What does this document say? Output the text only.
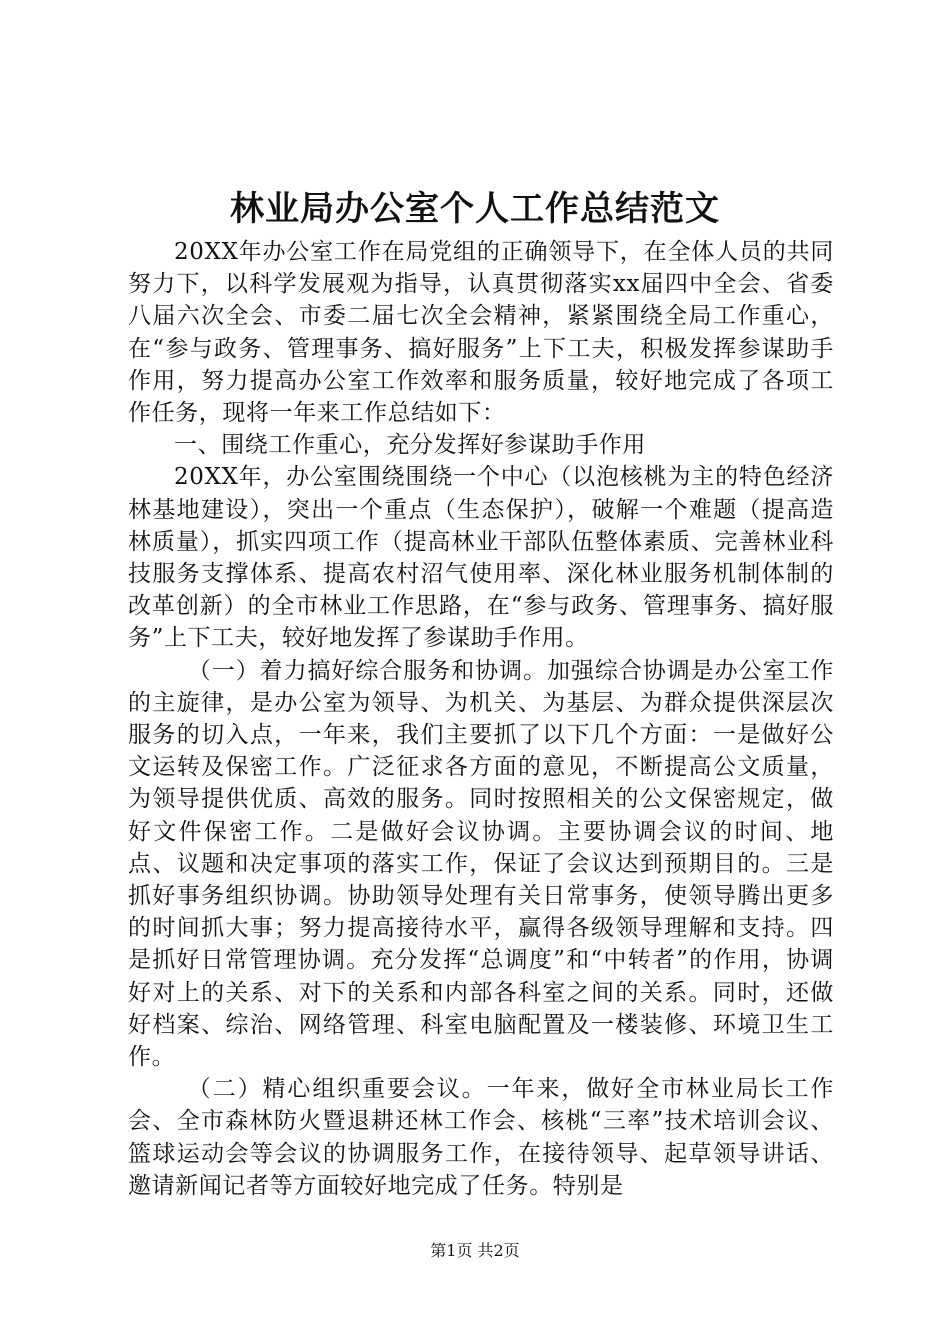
林业局办公室个人工作总结范文

20XX年办公室工作在局党组的正确领导下，在全体人员的共同努力下，以科学发展观为指导，认真贯彻落实xx届四中全会、省委八届六次全会、市委二届七次全会精神，紧紧围绕全局工作重心，在“参与政务、管理事务、搞好服务”上下工夫，积极发挥参谋助手作用，努力提高办公室工作效率和服务质量，较好地完成了各项工作任务，现将一年来工作总结如下：

一、围绕工作重心，充分发挥好参谋助手作用

20XX年，办公室围绕围绕一个中心（以泡核桃为主的特色经济林基地建设），突出一个重点（生态保护），破解一个难题（提高造林质量），抓实四项工作（提高林业干部队伍整体素质、完善林业科技服务支撑体系、提高农村沼气使用率、深化林业服务机制体制的改革创新）的全市林业工作思路，在“参与政务、管理事务、搞好服务”上下工夫，较好地发挥了参谋助手作用。

（一）着力搞好综合服务和协调。加强综合协调是办公室工作的主旋律，是办公室为领导、为机关、为基层、为群众提供深层次服务的切入点，一年来，我们主要抓了以下几个方面：一是做好公文运转及保密工作。广泛征求各方面的意见，不断提高公文质量，为领导提供优质、高效的服务。同时按照相关的公文保密规定，做好文件保密工作。二是做好会议协调。主要协调会议的时间、地点、议题和决定事项的落实工作，保证了会议达到预期目的。三是抓好事务组织协调。协助领导处理有关日常事务，使领导腾出更多的时间抓大事；努力提高接待水平，赢得各级领导理解和支持。四是抓好日常管理协调。充分发挥“总调度”和“中转者”的作用，协调好对上的关系、对下的关系和内部各科室之间的关系。同时，还做好档案、综治、网络管理、科室电脑配置及一楼装修、环境卫生工作。

（二）精心组织重要会议。一年来，做好全市林业局长工作会、全市森林防火暨退耕还林工作会、核桃“三率”技术培训会议、篮球运动会等会议的协调服务工作，在接待领导、起草领导讲话、邀请新闻记者等方面较好地完成了任务。特别是

第1页 共2页
